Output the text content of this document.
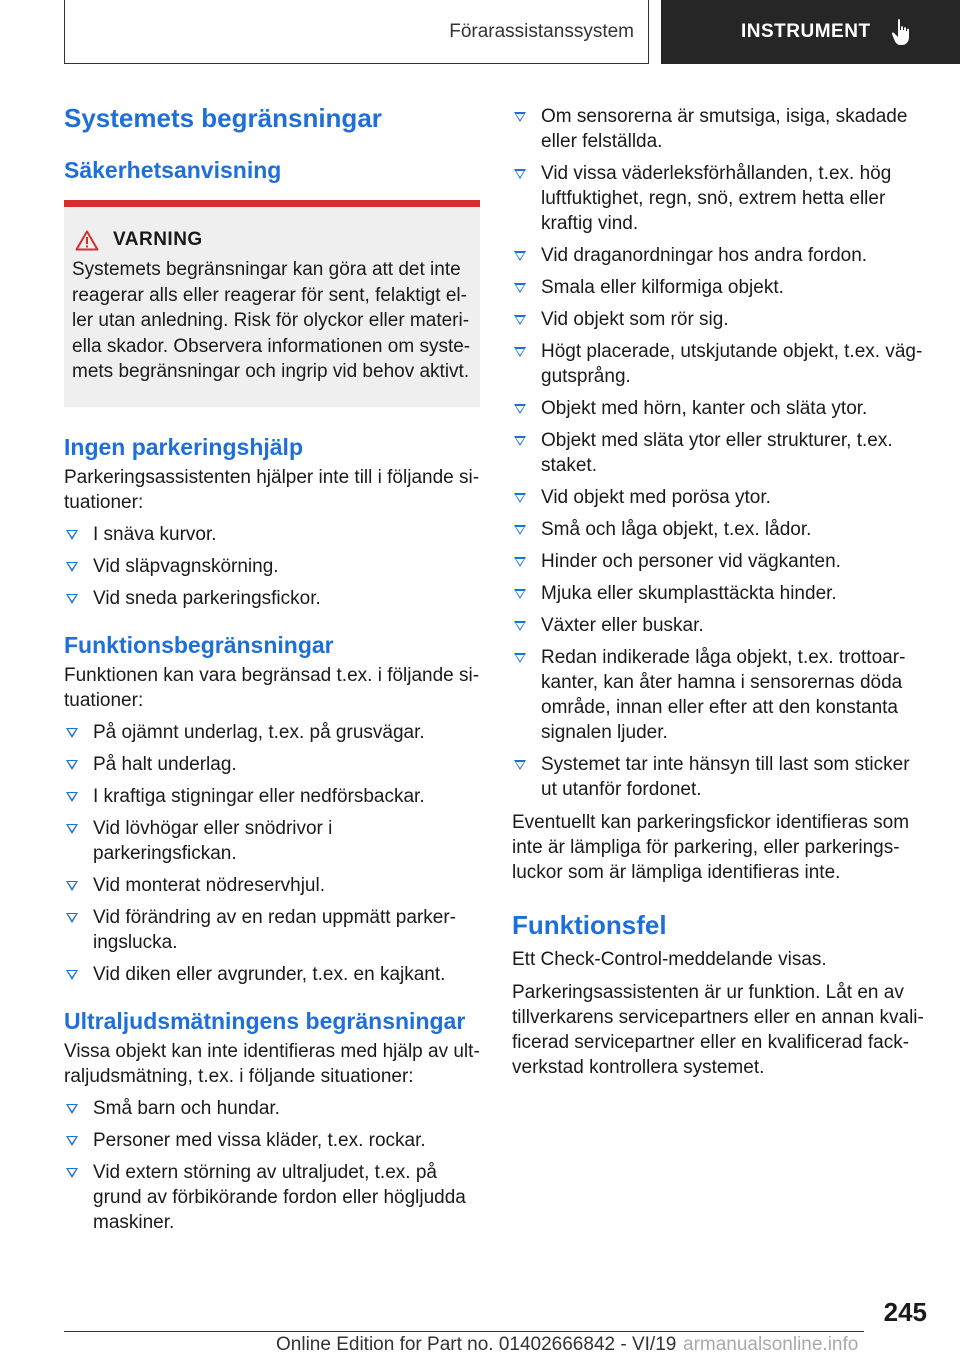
Förarassistanssystem	INSTRUMENT
Systemets begränsningar
Säkerhetsanvisning
VARNING

Systemets begränsningar kan göra att det inte reagerar alls eller reagerar för sent, felaktigt eller utan anledning. Risk för olyckor eller materiella skador. Observera informationen om systemets begränsningar och ingrip vid behov aktivt.

Ingen parkeringshjälp

Parkeringsassistenten hjälper inte till i följande situationer:

I snäva kurvor.
Vid släpvagnskörning.
Vid sneda parkeringsfickor.
Funktionsbegränsningar

Funktionen kan vara begränsad t.ex. i följande situationer:

På ojämnt underlag, t.ex. på grusvägar.
På halt underlag.
I kraftiga stigningar eller nedförsbackar.
Vid lövhögar eller snödrivor i parkeringsfickan.
Vid monterat nödreservhjul.
Vid förändring av en redan uppmätt parkeringslucka.
Vid diken eller avgrunder, t.ex. en kajkant.
Ultraljudsmätningens begränsningar

Vissa objekt kan inte identifieras med hjälp av ultraljudsmätning, t.ex. i följande situationer:

Små barn och hundar.
Personer med vissa kläder, t.ex. rockar.
Vid extern störning av ultraljudet, t.ex. på grund av förbikörande fordon eller högljudda maskiner.
Om sensorerna är smutsiga, isiga, skadade eller felställda.
Vid vissa väderleksförhållanden, t.ex. hög luftfuktighet, regn, snö, extrem hetta eller kraftig vind.
Vid draganordningar hos andra fordon.
Smala eller kilformiga objekt.
Vid objekt som rör sig.
Högt placerade, utskjutande objekt, t.ex. väggutsprång.
Objekt med hörn, kanter och släta ytor.
Objekt med släta ytor eller strukturer, t.ex. staket.
Vid objekt med porösa ytor.
Små och låga objekt, t.ex. lådor.
Hinder och personer vid vägkanten.
Mjuka eller skumplasttäckta hinder.
Växter eller buskar.
Redan indikerade låga objekt, t.ex. trottoarkanter, kan åter hamna i sensorernas döda område, innan eller efter att den konstanta signalen ljuder.
Systemet tar inte hänsyn till last som sticker ut utanför fordonet.

Eventuellt kan parkeringsfickor identifieras som inte är lämpliga för parkering, eller parkeringsluckor som är lämpliga identifieras inte.

Funktionsfel

Ett Check-Control-meddelande visas.

Parkeringsassistenten är ur funktion. Låt en av tillverkarens servicepartners eller en annan kvalificerad servicepartner eller en kvalificerad fackverkstad kontrollera systemet.

245
Online Edition for Part no. 01402666842 - VI/19 armanualsonline.info
